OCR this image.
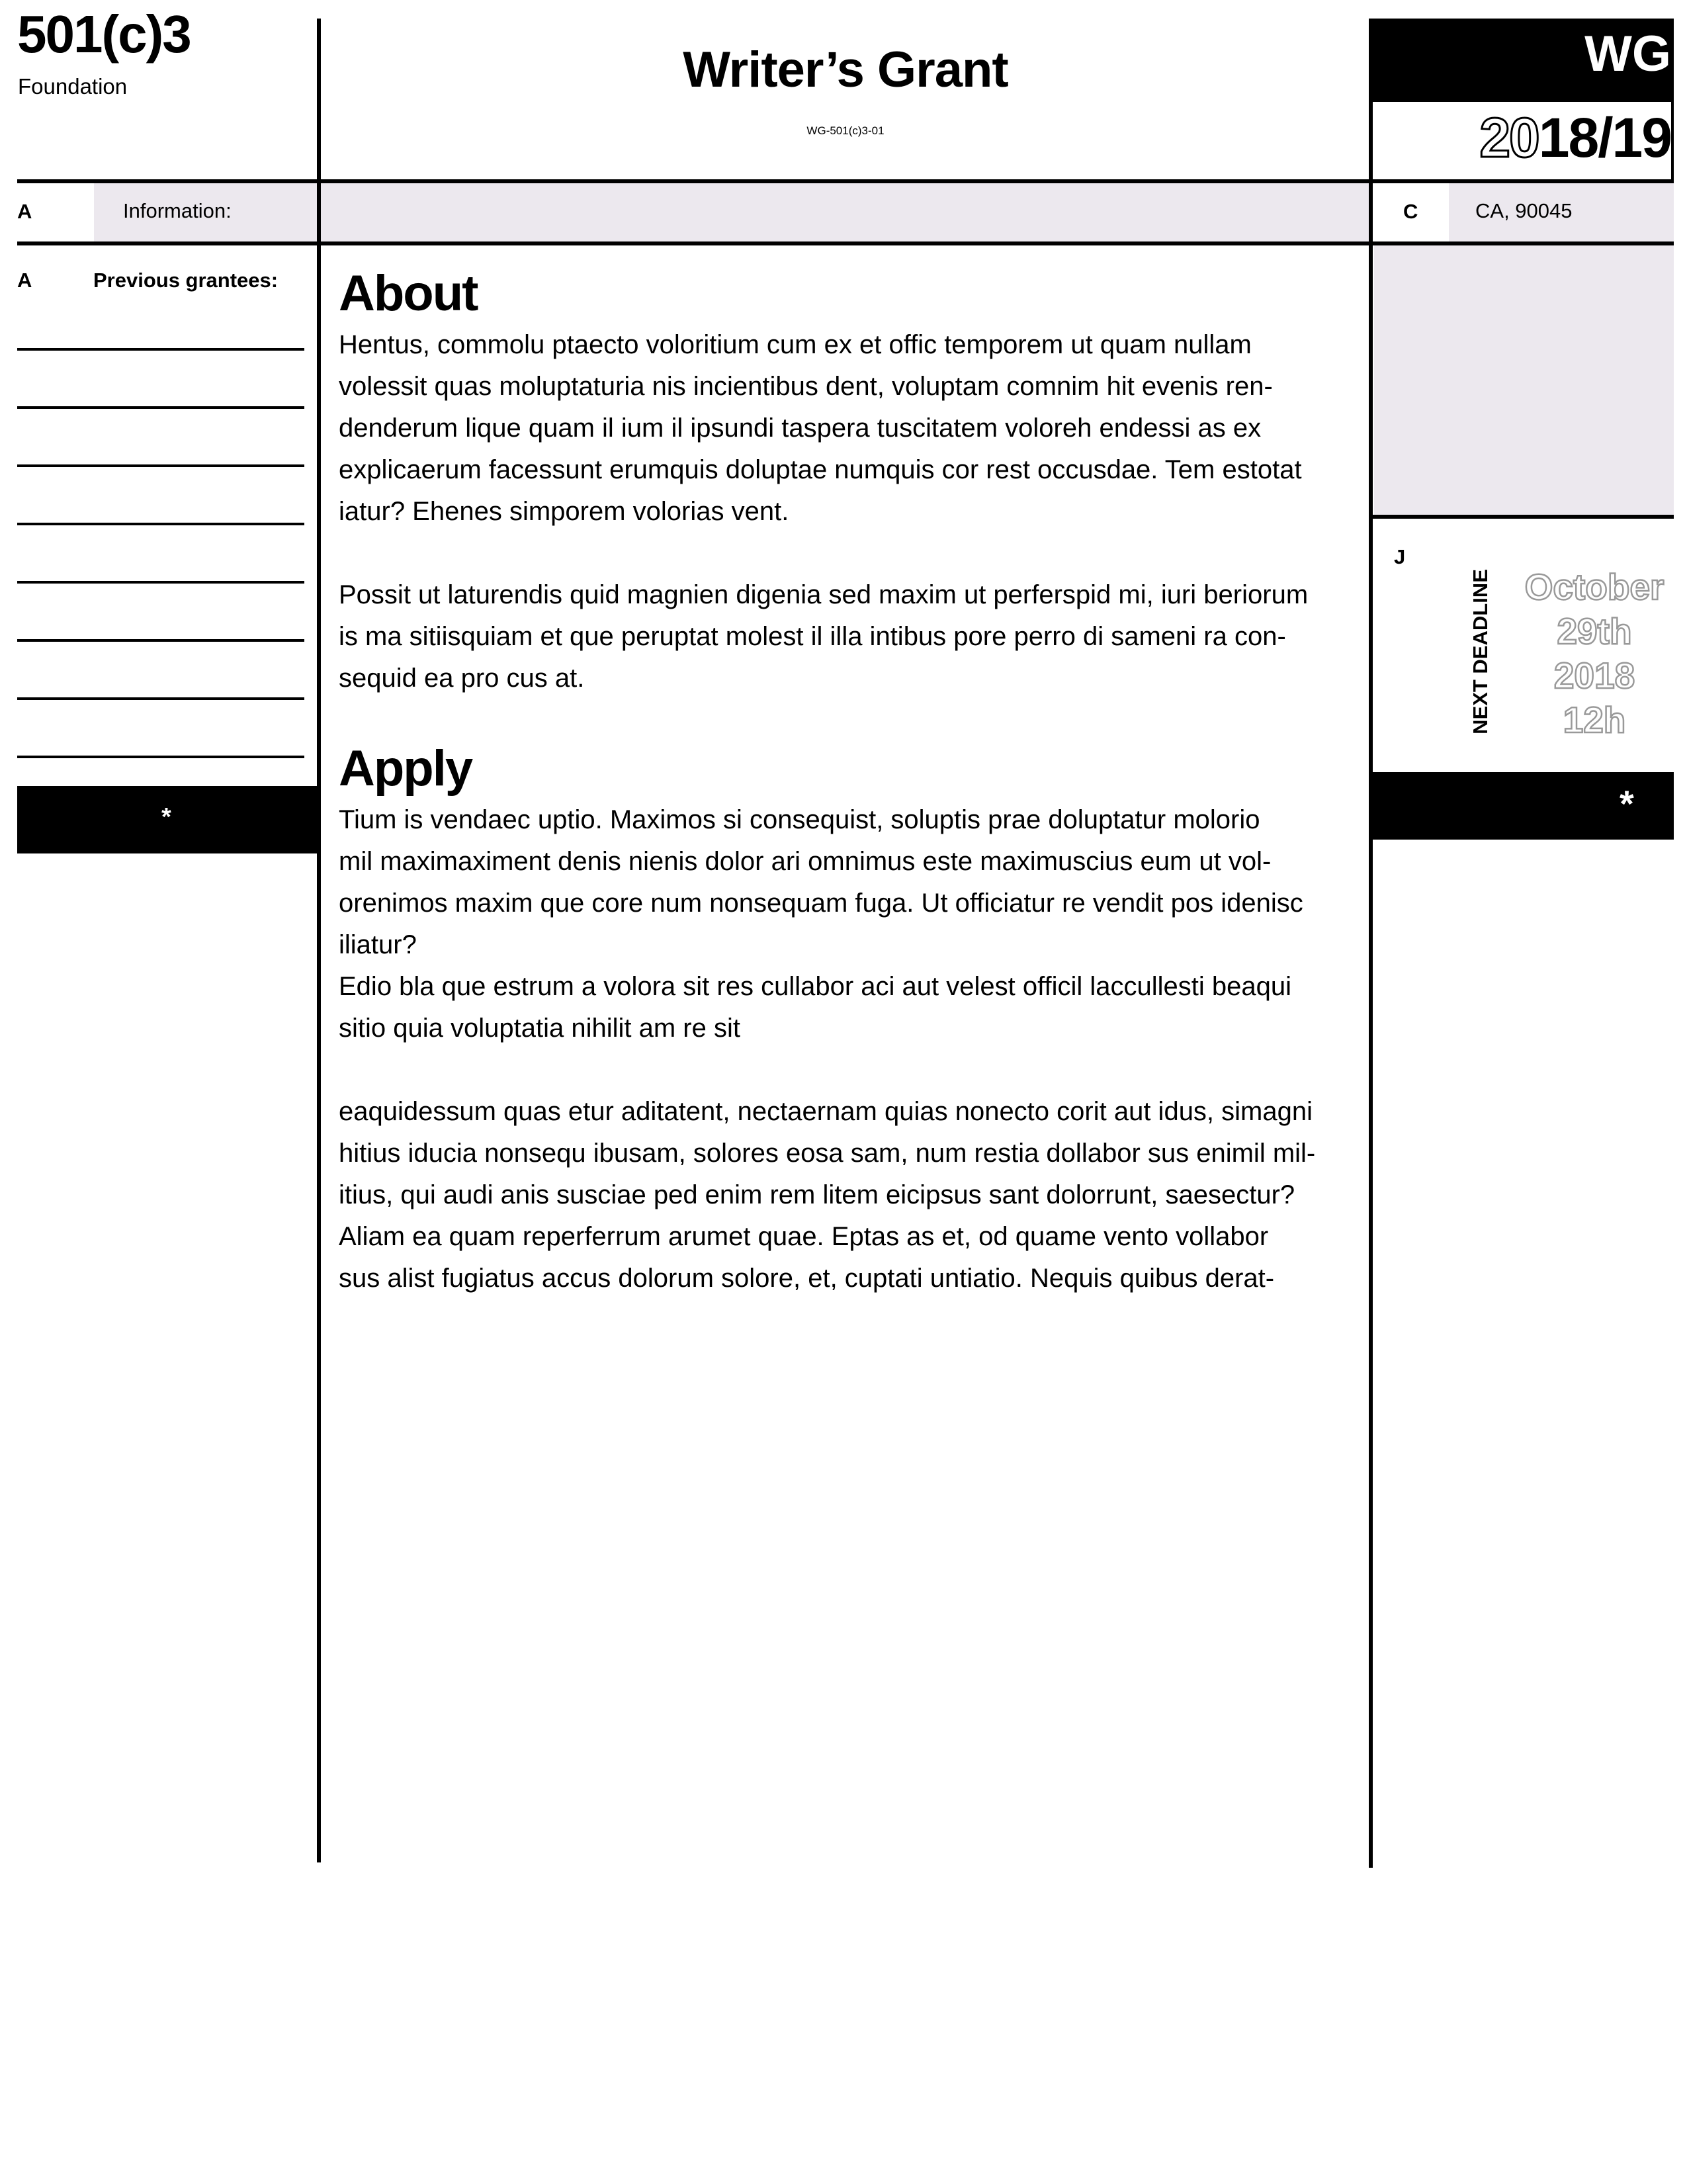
501(c)3
Foundation	Writer’s Grant
WG-501(c)3-01
WG
2018/19
A	Information:	C	CA, 90045
A	Previous grantees:
*
J
NEXT DEADLINE October
29th
2018
12h
*
About
Hentus, commolu ptaecto voloritium cum ex et offic temporem ut quam nullam
volessit quas moluptaturia nis incientibus dent, voluptam comnim hit evenis ren-
denderum lique quam il ium il ipsundi taspera tuscitatem voloreh endessi as ex
explicaerum facessunt erumquis doluptae numquis cor rest occusdae. Tem estotat
iatur? Ehenes simporem volorias vent.
Possit ut laturendis quid magnien digenia sed maxim ut perferspid mi, iuri beriorum
is ma sitiisquiam et que peruptat molest il illa intibus pore perro di sameni ra con-
sequid ea pro cus at.
Apply
Tium is vendaec uptio. Maximos si consequist, soluptis prae doluptatur molorio
mil maximaximent denis nienis dolor ari omnimus este maximuscius eum ut vol-
orenimos maxim que core num nonsequam fuga. Ut officiatur re vendit pos idenisc
iliatur?
Edio bla que estrum a volora sit res cullabor aci aut velest officil laccullesti beaqui
sitio quia voluptatia nihilit am re sit
eaquidessum quas etur aditatent, nectaernam quias nonecto corit aut idus, simagni
hitius iducia nonsequ ibusam, solores eosa sam, num restia dollabor sus enimil mil-
itius, qui audi anis susciae ped enim rem litem eicipsus sant dolorrunt, saesectur?
Aliam ea quam reperferrum arumet quae. Eptas as et, od quame vento vollabor
sus alist fugiatus accus dolorum solore, et, cuptati untiatio. Nequis quibus derat-
